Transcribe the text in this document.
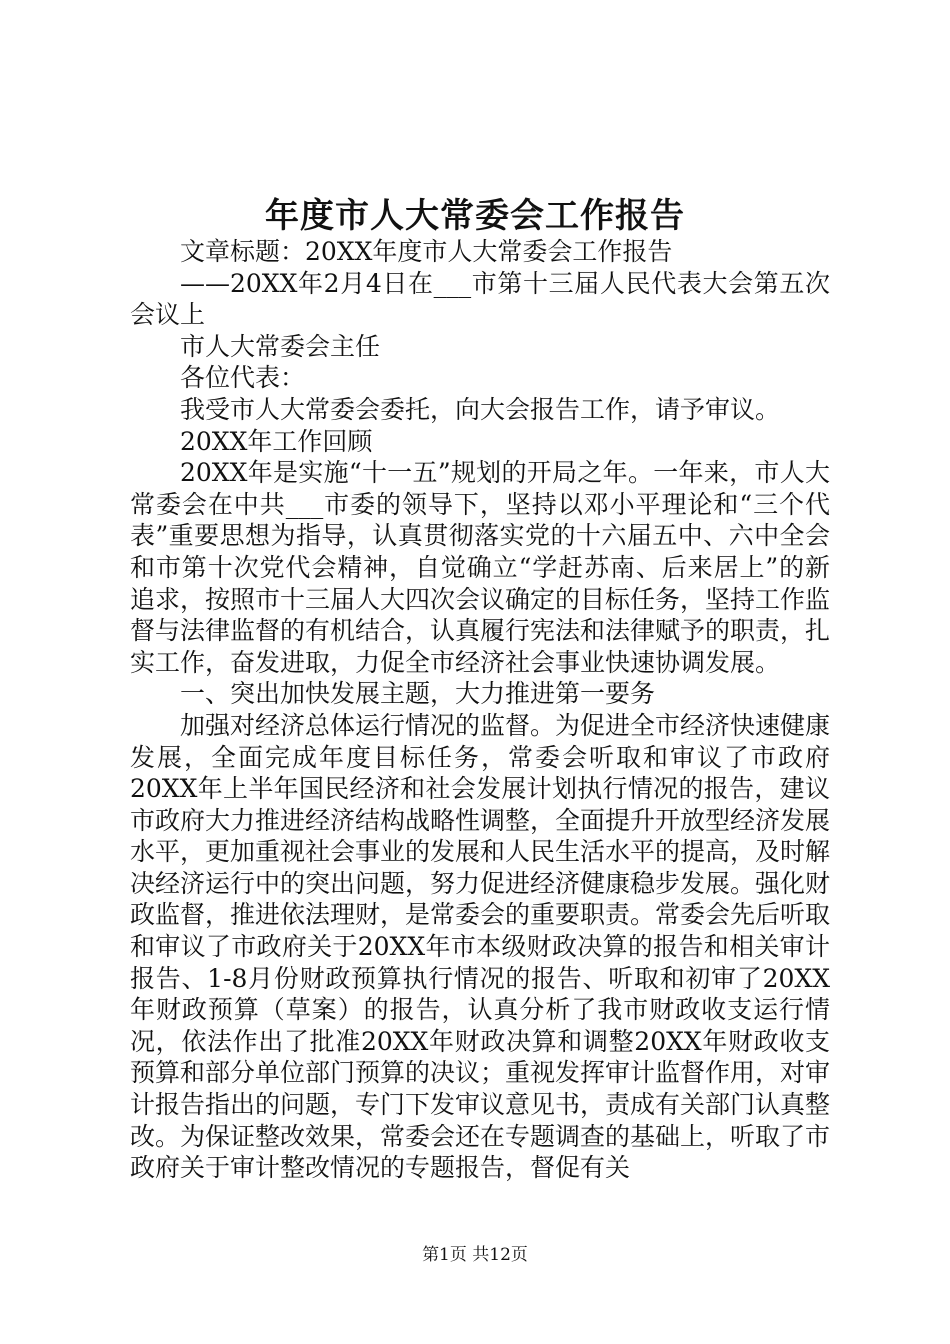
年度市人大常委会工作报告

文章标题：20XX年度市人大常委会工作报告

——20XX年2月4日在___市第十三届人民代表大会第五次会议上

市人大常委会主任

各位代表：

我受市人大常委会委托，向大会报告工作，请予审议。

20XX年工作回顾

20XX年是实施“十一五”规划的开局之年。一年来，市人大常委会在中共___市委的领导下，坚持以邓小平理论和“三个代表”重要思想为指导，认真贯彻落实党的十六届五中、六中全会和市第十次党代会精神，自觉确立“学赶苏南、后来居上”的新追求，按照市十三届人大四次会议确定的目标任务，坚持工作监督与法律监督的有机结合，认真履行宪法和法律赋予的职责，扎实工作，奋发进取，力促全市经济社会事业快速协调发展。

一、突出加快发展主题，大力推进第一要务

加强对经济总体运行情况的监督。为促进全市经济快速健康发展，全面完成年度目标任务，常委会听取和审议了市政府20XX年上半年国民经济和社会发展计划执行情况的报告，建议市政府大力推进经济结构战略性调整，全面提升开放型经济发展水平，更加重视社会事业的发展和人民生活水平的提高，及时解决经济运行中的突出问题，努力促进经济健康稳步发展。强化财政监督，推进依法理财，是常委会的重要职责。常委会先后听取和审议了市政府关于20XX年市本级财政决算的报告和相关审计报告、1-8月份财政预算执行情况的报告、听取和初审了20XX年财政预算（草案）的报告，认真分析了我市财政收支运行情况，依法作出了批准20XX年财政决算和调整20XX年财政收支预算和部分单位部门预算的决议；重视发挥审计监督作用，对审计报告指出的问题，专门下发审议意见书，责成有关部门认真整改。为保证整改效果，常委会还在专题调查的基础上，听取了市政府关于审计整改情况的专题报告，督促有关

第1页 共12页
